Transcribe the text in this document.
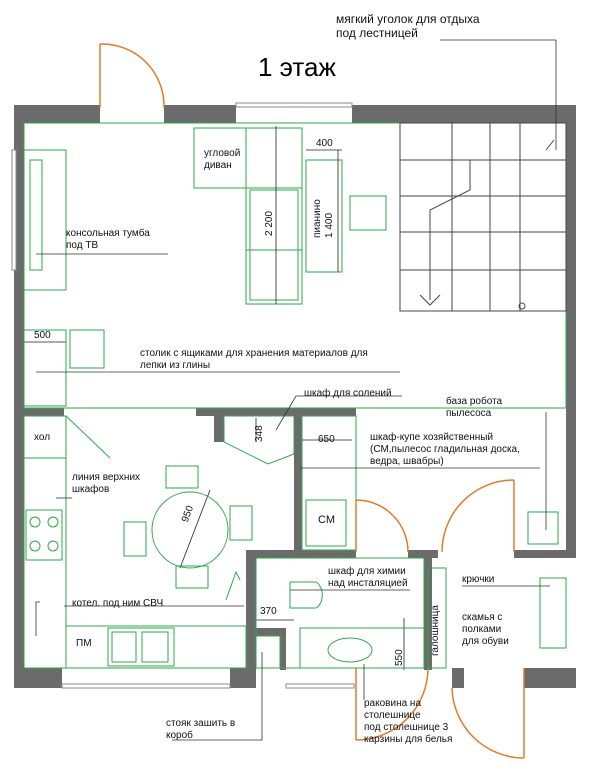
1 этаж
мягкий уголок для отдыха
под лестницей
угловой
диван
консольная тумба
под ТВ
столик с ящиками для хранения материалов для
лепки из глины
шкаф для солений
база робота
пылесоса
шкаф-купе хозяйственный
(СМ,пылесос гладильная доска,
ведра, швабры)
хол
линия верхних
шкафов
СМ
шкаф для химии
над инсталяцией	крючки
скамья с
полками
для обуви
галошница
котел. под ним СВЧ
ПМ
стояк зашить в
короб
раковина на
столешнице
под столешнице 3
карзины для белья
пианино 1 400
400
2 200
500
348	650
950
370
550
